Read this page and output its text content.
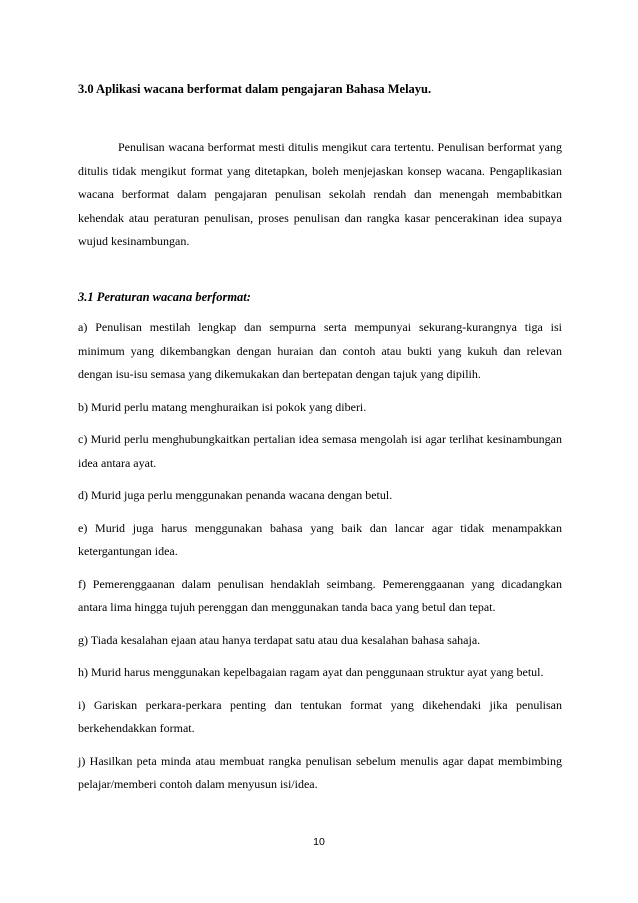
3.0 Aplikasi wacana berformat dalam pengajaran Bahasa Melayu.

Penulisan wacana berformat mesti ditulis mengikut cara tertentu. Penulisan berformat yang ditulis tidak mengikut format yang ditetapkan, boleh menjejaskan konsep wacana. Pengaplikasian wacana berformat dalam pengajaran penulisan sekolah rendah dan menengah membabitkan kehendak atau peraturan penulisan, proses penulisan dan rangka kasar pencerakinan idea supaya wujud kesinambungan.

3.1 Peraturan wacana berformat:

a) Penulisan mestilah lengkap dan sempurna serta mempunyai sekurang-kurangnya tiga isi minimum yang dikembangkan dengan huraian dan contoh atau bukti yang kukuh dan relevan dengan isu-isu semasa yang dikemukakan dan bertepatan dengan tajuk yang dipilih.

b) Murid perlu matang menghuraikan isi pokok yang diberi.

c) Murid perlu menghubungkaitkan pertalian idea semasa mengolah isi agar terlihat kesinambungan idea antara ayat.

d) Murid juga perlu menggunakan penanda wacana dengan betul.

e) Murid juga harus menggunakan bahasa yang baik dan lancar agar tidak menampakkan ketergantungan idea.

f) Pemerenggaanan dalam penulisan hendaklah seimbang. Pemerenggaanan yang dicadangkan antara lima hingga tujuh perenggan dan menggunakan tanda baca yang betul dan tepat.

g) Tiada kesalahan ejaan atau hanya terdapat satu atau dua kesalahan bahasa sahaja.

h) Murid harus menggunakan kepelbagaian ragam ayat dan penggunaan struktur ayat yang betul.

i) Gariskan perkara-perkara penting dan tentukan format yang dikehendaki jika penulisan berkehendakkan format.

j) Hasilkan peta minda atau membuat rangka penulisan sebelum menulis agar dapat membimbing pelajar/memberi contoh dalam menyusun isi/idea.

10
